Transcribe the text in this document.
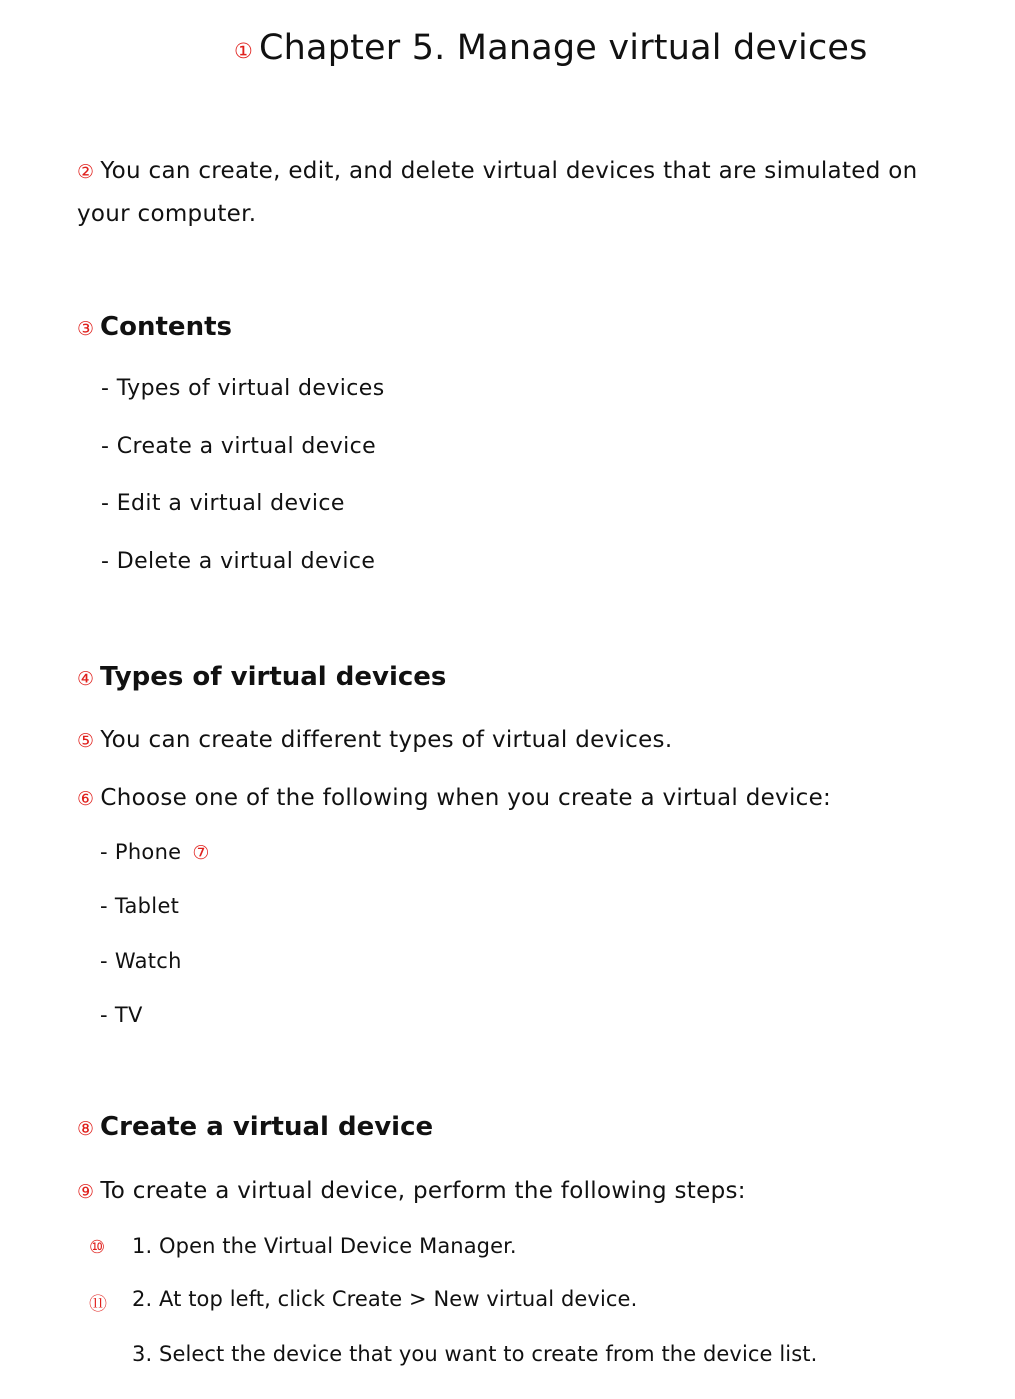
① Chapter 5. Manage virtual devices
② You can create, edit, and delete virtual devices that are simulated on your computer.
③ Contents
- Types of virtual devices
- Create a virtual device
- Edit a virtual device
- Delete a virtual device
④ Types of virtual devices
⑤ You can create different types of virtual devices.
⑥ Choose one of the following when you create a virtual device:
- Phone ⑦
- Tablet
- Watch
- TV
⑧ Create a virtual device
⑨ To create a virtual device, perform the following steps:
⑩ 1. Open the Virtual Device Manager.
⑪ 2. At top left, click Create > New virtual device.
3. Select the device that you want to create from the device list.
